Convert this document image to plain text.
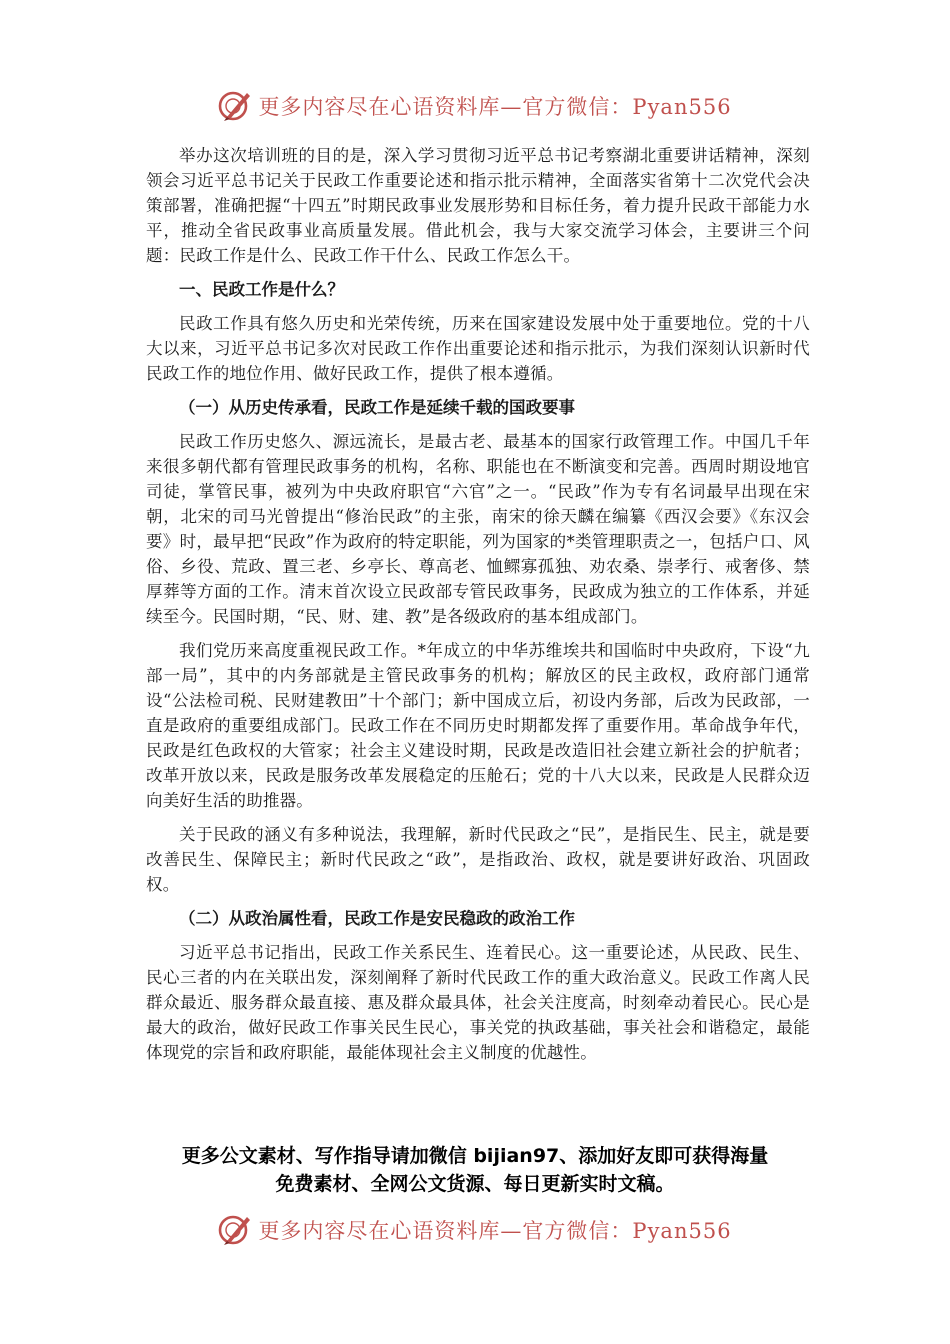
更多内容尽在心语资料库—官方微信：Pyan556

举办这次培训班的目的是，深入学习贯彻习近平总书记考察湖北重要讲话精神，深刻领会习近平总书记关于民政工作重要论述和指示批示精神，全面落实省第十二次党代会决策部署，准确把握“十四五”时期民政事业发展形势和目标任务，着力提升民政干部能力水平，推动全省民政事业高质量发展。借此机会，我与大家交流学习体会，主要讲三个问题：民政工作是什么、民政工作干什么、民政工作怎么干。

一、民政工作是什么？

民政工作具有悠久历史和光荣传统，历来在国家建设发展中处于重要地位。党的十八大以来，习近平总书记多次对民政工作作出重要论述和指示批示，为我们深刻认识新时代民政工作的地位作用、做好民政工作，提供了根本遵循。

（一）从历史传承看，民政工作是延续千载的国政要事

民政工作历史悠久、源远流长，是最古老、最基本的国家行政管理工作。中国几千年来很多朝代都有管理民政事务的机构，名称、职能也在不断演变和完善。西周时期设地官司徒，掌管民事，被列为中央政府职官“六官”之一。“民政”作为专有名词最早出现在宋朝，北宋的司马光曾提出“修治民政”的主张，南宋的徐天麟在编纂《西汉会要》《东汉会要》时，最早把“民政”作为政府的特定职能，列为国家的*类管理职责之一，包括户口、风俗、乡役、荒政、置三老、乡亭长、尊高老、恤鳏寡孤独、劝农桑、崇孝行、戒奢侈、禁厚葬等方面的工作。清末首次设立民政部专管民政事务，民政成为独立的工作体系，并延续至今。民国时期，“民、财、建、教”是各级政府的基本组成部门。

我们党历来高度重视民政工作。*年成立的中华苏维埃共和国临时中央政府，下设“九部一局”，其中的内务部就是主管民政事务的机构；解放区的民主政权，政府部门通常设“公法检司税、民财建教田”十个部门；新中国成立后，初设内务部，后改为民政部，一直是政府的重要组成部门。民政工作在不同历史时期都发挥了重要作用。革命战争年代，民政是红色政权的大管家；社会主义建设时期，民政是改造旧社会建立新社会的护航者；改革开放以来，民政是服务改革发展稳定的压舱石；党的十八大以来，民政是人民群众迈向美好生活的助推器。

关于民政的涵义有多种说法，我理解，新时代民政之“民”，是指民生、民主，就是要改善民生、保障民主；新时代民政之“政”，是指政治、政权，就是要讲好政治、巩固政权。

（二）从政治属性看，民政工作是安民稳政的政治工作

习近平总书记指出，民政工作关系民生、连着民心。这一重要论述，从民政、民生、民心三者的内在关联出发，深刻阐释了新时代民政工作的重大政治意义。民政工作离人民群众最近、服务群众最直接、惠及群众最具体，社会关注度高，时刻牵动着民心。民心是最大的政治，做好民政工作事关民生民心，事关党的执政基础，事关社会和谐稳定，最能体现党的宗旨和政府职能，最能体现社会主义制度的优越性。

更多公文素材、写作指导请加微信 bijian97、添加好友即可获得海量
免费素材、全网公文货源、每日更新实时文稿。
更多内容尽在心语资料库—官方微信：Pyan556
